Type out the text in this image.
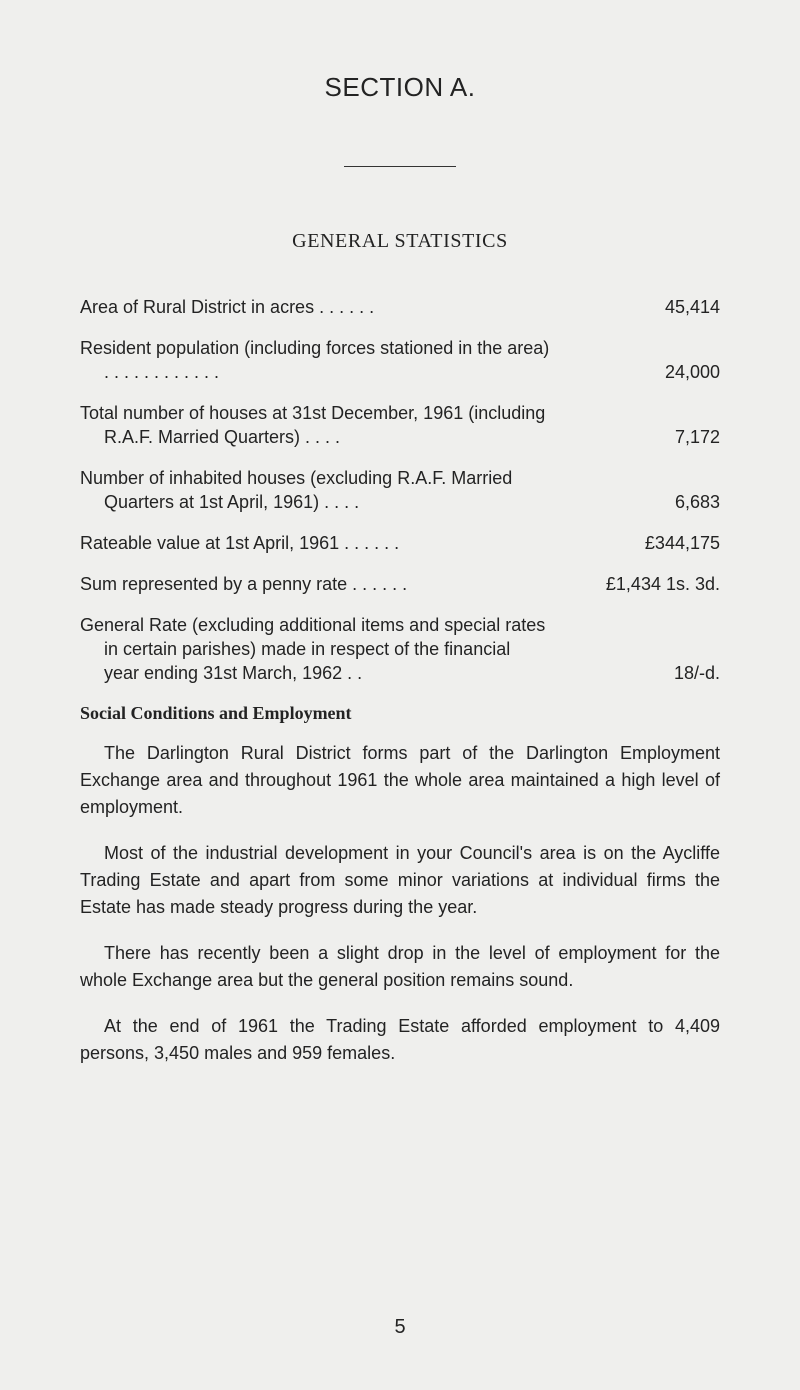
SECTION A.
GENERAL STATISTICS
Area of Rural District in acres . . . . . .	45,414
Resident population (including forces stationed in the area) . . . . . . . . . . . .	24,000
Total number of houses at 31st December, 1961 (including R.A.F. Married Quarters) . . . .	7,172
Number of inhabited houses (excluding R.A.F. Married Quarters at 1st April, 1961) . . . .	6,683
Rateable value at 1st April, 1961 . . . . . .	£344,175
Sum represented by a penny rate . . . . . .	£1,434 1s. 3d.
General Rate (excluding additional items and special rates in certain parishes) made in respect of the financial year ending 31st March, 1962 . .	18/-d.
Social Conditions and Employment

The Darlington Rural District forms part of the Darlington Employment Exchange area and throughout 1961 the whole area maintained a high level of employment.

Most of the industrial development in your Council's area is on the Aycliffe Trading Estate and apart from some minor variations at individual firms the Estate has made steady progress during the year.

There has recently been a slight drop in the level of employment for the whole Exchange area but the general position remains sound.

At the end of 1961 the Trading Estate afforded employment to 4,409 persons, 3,450 males and 959 females.

5
